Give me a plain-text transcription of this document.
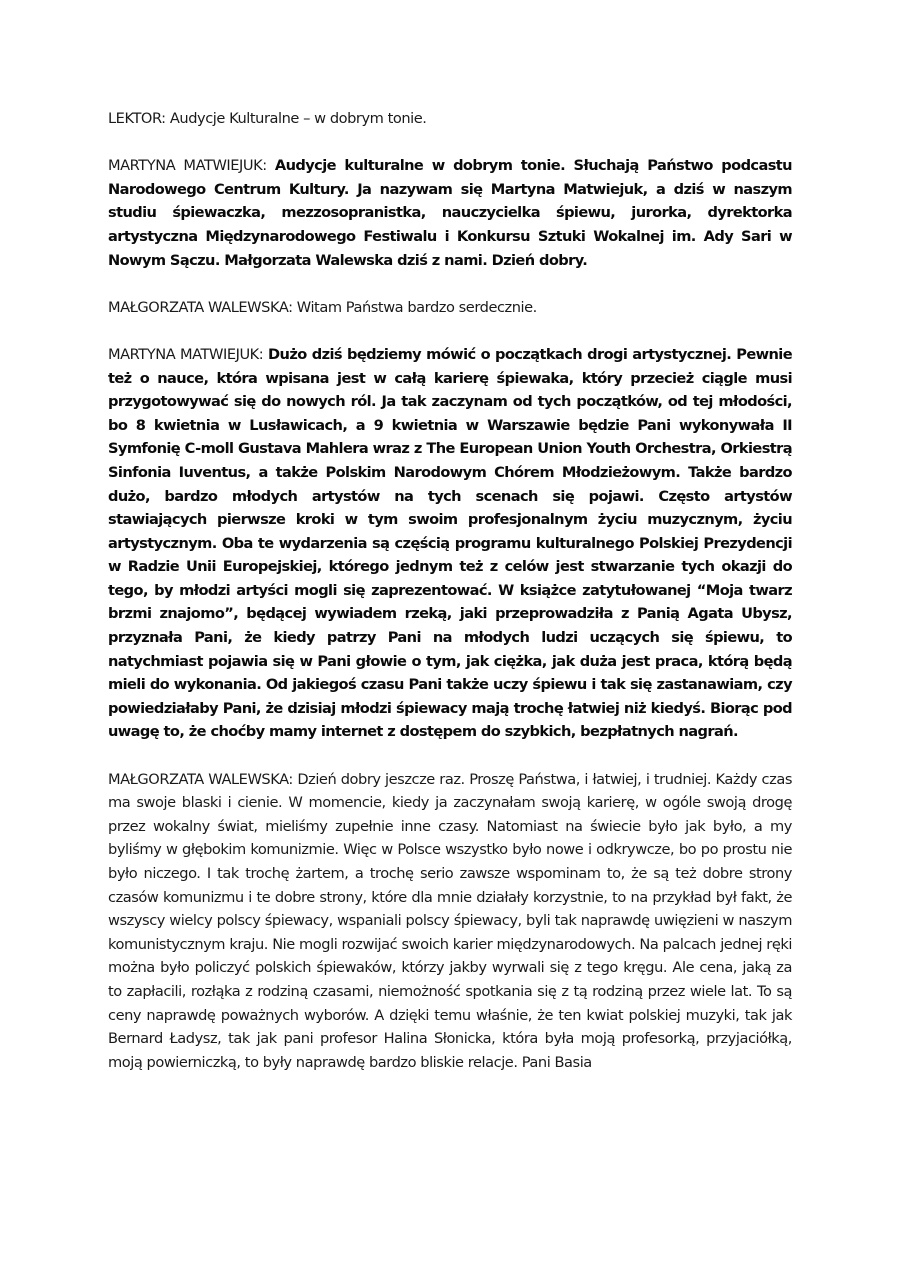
LEKTOR: Audycje Kulturalne – w dobrym tonie.

MARTYNA MATWIEJUK: Audycje kulturalne w dobrym tonie. Słuchają Państwo podcastu Narodowego Centrum Kultury. Ja nazywam się Martyna Matwiejuk, a dziś w naszym studiu śpiewaczka, mezzosopranistka, nauczycielka śpiewu, jurorka, dyrektorka artystyczna Międzynarodowego Festiwalu i Konkursu Sztuki Wokalnej im. Ady Sari w Nowym Sączu. Małgorzata Walewska dziś z nami. Dzień dobry.

MAŁGORZATA WALEWSKA: Witam Państwa bardzo serdecznie.

MARTYNA MATWIEJUK: Dużo dziś będziemy mówić o początkach drogi artystycznej. Pewnie też o nauce, która wpisana jest w całą karierę śpiewaka, który przecież ciągle musi przygotowywać się do nowych ról. Ja tak zaczynam od tych początków, od tej młodości, bo 8 kwietnia w Lusławicach, a 9 kwietnia w Warszawie będzie Pani wykonywała II Symfonię C-moll Gustava Mahlera wraz z The European Union Youth Orchestra, Orkiestrą Sinfonia Iuventus, a także Polskim Narodowym Chórem Młodzieżowym. Także bardzo dużo, bardzo młodych artystów na tych scenach się pojawi. Często artystów stawiających pierwsze kroki w tym swoim profesjonalnym życiu muzycznym, życiu artystycznym. Oba te wydarzenia są częścią programu kulturalnego Polskiej Prezydencji w Radzie Unii Europejskiej, którego jednym też z celów jest stwarzanie tych okazji do tego, by młodzi artyści mogli się zaprezentować. W książce zatytułowanej “Moja twarz brzmi znajomo”, będącej wywiadem rzeką, jaki przeprowadziła z Panią Agata Ubysz, przyznała Pani, że kiedy patrzy Pani na młodych ludzi uczących się śpiewu, to natychmiast pojawia się w Pani głowie o tym, jak ciężka, jak duża jest praca, którą będą mieli do wykonania. Od jakiegoś czasu Pani także uczy śpiewu i tak się zastanawiam, czy powiedziałaby Pani, że dzisiaj młodzi śpiewacy mają trochę łatwiej niż kiedyś. Biorąc pod uwagę to, że choćby mamy internet z dostępem do szybkich, bezpłatnych nagrań.

MAŁGORZATA WALEWSKA: Dzień dobry jeszcze raz. Proszę Państwa, i łatwiej, i trudniej. Każdy czas ma swoje blaski i cienie. W momencie, kiedy ja zaczynałam swoją karierę, w ogóle swoją drogę przez wokalny świat, mieliśmy zupełnie inne czasy. Natomiast na świecie było jak było, a my byliśmy w głębokim komunizmie. Więc w Polsce wszystko było nowe i odkrywcze, bo po prostu nie było niczego. I tak trochę żartem, a trochę serio zawsze wspominam to, że są też dobre strony czasów komunizmu i te dobre strony, które dla mnie działały korzystnie, to na przykład był fakt, że wszyscy wielcy polscy śpiewacy, wspaniali polscy śpiewacy, byli tak naprawdę uwięzieni w naszym komunistycznym kraju. Nie mogli rozwijać swoich karier międzynarodowych. Na palcach jednej ręki można było policzyć polskich śpiewaków, którzy jakby wyrwali się z tego kręgu. Ale cena, jaką za to zapłacili, rozłąka z rodziną czasami, niemożność spotkania się z tą rodziną przez wiele lat. To są ceny naprawdę poważnych wyborów. A dzięki temu właśnie, że ten kwiat polskiej muzyki, tak jak Bernard Ładysz, tak jak pani profesor Halina Słonicka, która była moją profesorką, przyjaciółką, moją powierniczką, to były naprawdę bardzo bliskie relacje. Pani Basia
